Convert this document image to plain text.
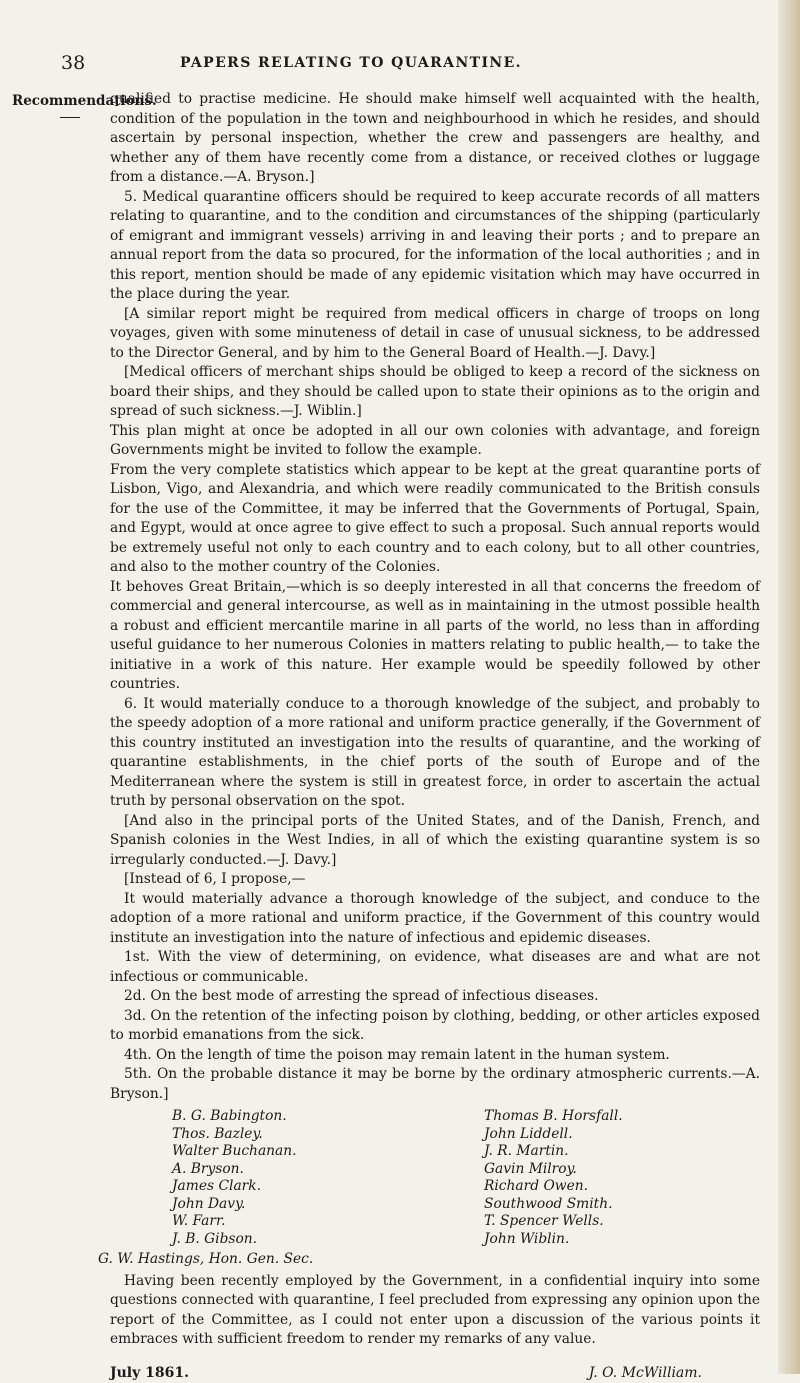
38	PAPERS RELATING TO QUARANTINE.
Recommendations.

qualified to practise medicine. He should make himself well acquainted with the health, condition of the population in the town and neighbourhood in which he resides, and should ascertain by personal inspection, whether the crew and passengers are healthy, and whether any of them have recently come from a distance, or received clothes or luggage from a distance.—A. Bryson.]

5. Medical quarantine officers should be required to keep accurate records of all matters relating to quarantine, and to the condition and circumstances of the shipping (particularly of emigrant and immigrant vessels) arriving in and leaving their ports ; and to prepare an annual report from the data so procured, for the information of the local authorities ; and in this report, mention should be made of any epidemic visitation which may have occurred in the place during the year.

[A similar report might be required from medical officers in charge of troops on long voyages, given with some minuteness of detail in case of unusual sickness, to be addressed to the Director General, and by him to the General Board of Health.—J. Davy.]

[Medical officers of merchant ships should be obliged to keep a record of the sickness on board their ships, and they should be called upon to state their opinions as to the origin and spread of such sickness.—J. Wiblin.]

This plan might at once be adopted in all our own colonies with advantage, and foreign Governments might be invited to follow the example.

From the very complete statistics which appear to be kept at the great quarantine ports of Lisbon, Vigo, and Alexandria, and which were readily communicated to the British consuls for the use of the Committee, it may be inferred that the Governments of Portugal, Spain, and Egypt, would at once agree to give effect to such a proposal. Such annual reports would be extremely useful not only to each country and to each colony, but to all other countries, and also to the mother country of the Colonies.

It behoves Great Britain,—which is so deeply interested in all that concerns the freedom of commercial and general intercourse, as well as in maintaining in the utmost possible health a robust and efficient mercantile marine in all parts of the world, no less than in affording useful guidance to her numerous Colonies in matters relating to public health,— to take the initiative in a work of this nature. Her example would be speedily followed by other countries.

6. It would materially conduce to a thorough knowledge of the subject, and probably to the speedy adoption of a more rational and uniform practice generally, if the Government of this country instituted an investigation into the results of quarantine, and the working of quarantine establishments, in the chief ports of the south of Europe and of the Mediterranean where the system is still in greatest force, in order to ascertain the actual truth by personal observation on the spot.

[And also in the principal ports of the United States, and of the Danish, French, and Spanish colonies in the West Indies, in all of which the existing quarantine system is so irregularly conducted.—J. Davy.]

[Instead of 6, I propose,—

It would materially advance a thorough knowledge of the subject, and conduce to the adoption of a more rational and uniform practice, if the Government of this country would institute an investigation into the nature of infectious and epidemic diseases.

1st. With the view of determining, on evidence, what diseases are and what are not infectious or communicable.

2d. On the best mode of arresting the spread of infectious diseases.

3d. On the retention of the infecting poison by clothing, bedding, or other articles exposed to morbid emanations from the sick.

4th. On the length of time the poison may remain latent in the human system.

5th. On the probable distance it may be borne by the ordinary atmospheric currents.—A. Bryson.]

B. G. Babington.
Thos. Bazley.
Walter Buchanan.
A. Bryson.
James Clark.
John Davy.
W. Farr.
J. B. Gibson.
Thomas B. Horsfall.
John Liddell.
J. R. Martin.
Gavin Milroy.
Richard Owen.
Southwood Smith.
T. Spencer Wells.
John Wiblin.
G. W. Hastings, Hon. Gen. Sec.

Having been recently employed by the Government, in a confidential inquiry into some questions connected with quarantine, I feel precluded from expressing any opinion upon the report of the Committee, as I could not enter upon a discussion of the various points it embraces with sufficient freedom to render my remarks of any value.

July 1861.	J. O. McWilliam.
